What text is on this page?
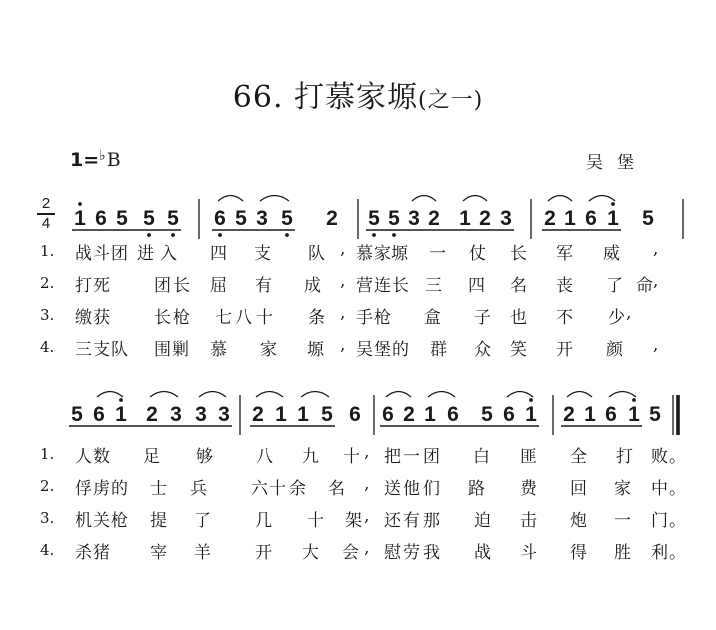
66. 打慕家塬(之一)
1=♭B	吴堡
2
4 1 6 5 5 5 6 5 3 5 2 5 5 3 2 1 2 3 2 1 6 1 5
5 6 1 2 3 3 3 2 1 1 5 6 6 2 1 6 5 6 1 2 1 6 1 5
1. 战 斗 团 进 入 四 支 队 , 慕 家 塬 一 仗 长 军 威 ,
2. 打 死	团 长 屈 有 成 , 营 连 长 三 四 名 丧 了 命 ,
3. 缴 获	长 枪 七 八 十 条 , 手 枪 盒 子 也 不 少 ,
4. 三 支 队 围 剿 慕 家 塬 , 吴 堡 的 群 众 笑 开 颜 ,
1. 人 数 足 够	八 九 十 , 把 一 团 白 匪 全 打 败 。
2. 俘 虏 的 士 兵	六 十 余 名 , 送 他 们 路 费 回 家 中 。
3. 机 关 枪 提 了	几 十 架 , 还 有 那 迫 击 炮 一 门 。
4. 杀 猪 宰 羊	开 大 会 , 慰 劳 我 战 斗 得 胜 利 。
